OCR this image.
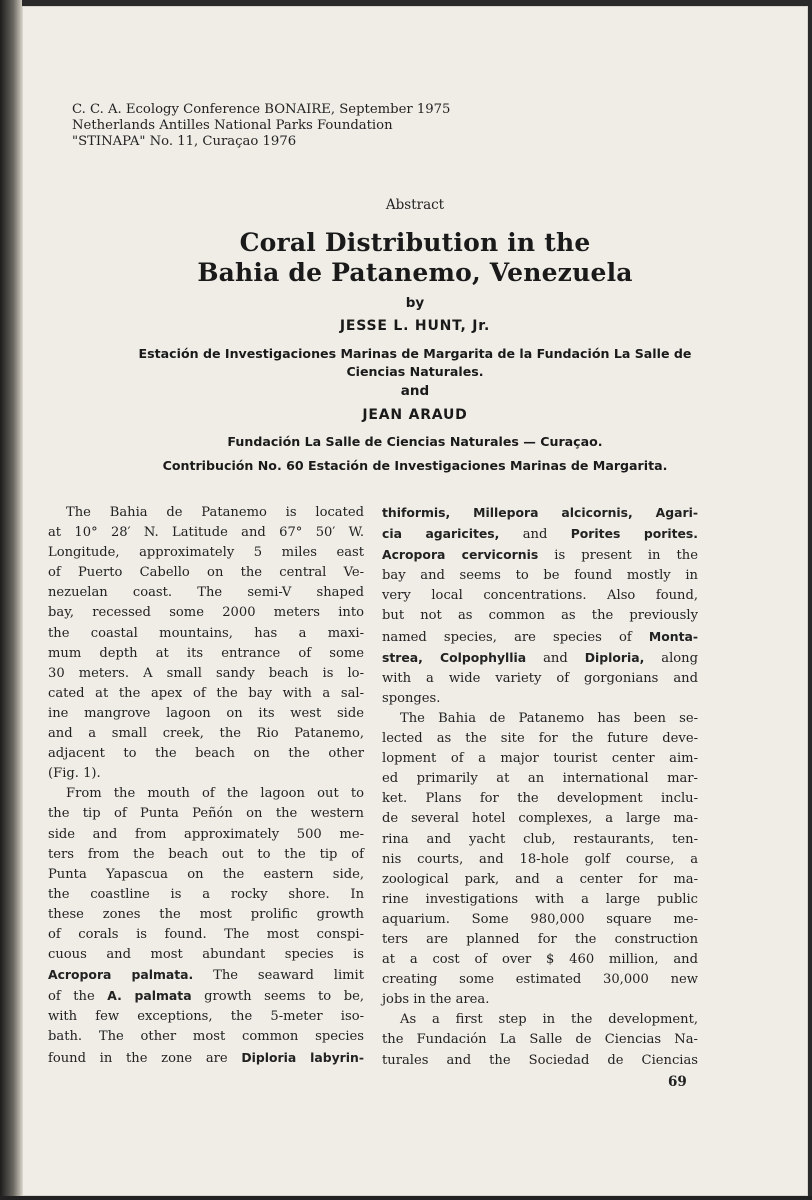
C. C. A. Ecology Conference BONAIRE, September 1975
Netherlands Antilles National Parks Foundation
"STINAPA" No. 11, Curaçao 1976
Abstract
Coral Distribution in the
Bahia de Patanemo, Venezuela
by
JESSE L. HUNT, Jr.
Estación de Investigaciones Marinas de Margarita de la Fundación La Salle de
Ciencias Naturales.
and
JEAN ARAUD
Fundación La Salle de Ciencias Naturales — Curaçao.
Contribución No. 60 Estación de Investigaciones Marinas de Margarita.
The Bahia de Patanemo is located
at 10° 28′ N. Latitude and 67° 50′ W.
Longitude, approximately 5 miles east
of Puerto Cabello on the central Ve-
nezuelan coast. The semi-V shaped
bay, recessed some 2000 meters into
the coastal mountains, has a maxi-
mum depth at its entrance of some
30 meters. A small sandy beach is lo-
cated at the apex of the bay with a sal-
ine mangrove lagoon on its west side
and a small creek, the Rio Patanemo,
adjacent to the beach on the other
(Fig. 1).
From the mouth of the lagoon out to
the tip of Punta Peñón on the western
side and from approximately 500 me-
ters from the beach out to the tip of
Punta Yapascua on the eastern side,
the coastline is a rocky shore. In
these zones the most prolific growth
of corals is found. The most conspi-
cuous and most abundant species is
Acropora palmata. The seaward limit
of the A. palmata growth seems to be,
with few exceptions, the 5-meter iso-
bath. The other most common species
found in the zone are Diploria labyrin-
thiformis, Millepora alcicornis, Agari-
cia agaricites, and Porites porites.
Acropora cervicornis is present in the
bay and seems to be found mostly in
very local concentrations. Also found,
but not as common as the previously
named species, are species of Monta-
strea, Colpophyllia and Diploria, along
with a wide variety of gorgonians and
sponges.
The Bahia de Patanemo has been se-
lected as the site for the future deve-
lopment of a major tourist center aim-
ed primarily at an international mar-
ket. Plans for the development inclu-
de several hotel complexes, a large ma-
rina and yacht club, restaurants, ten-
nis courts, and 18-hole golf course, a
zoological park, and a center for ma-
rine investigations with a large public
aquarium. Some 980,000 square me-
ters are planned for the construction
at a cost of over $ 460 million, and
creating some estimated 30,000 new
jobs in the area.
As a first step in the development,
the Fundación La Salle de Ciencias Na-
turales and the Sociedad de Ciencias
69
